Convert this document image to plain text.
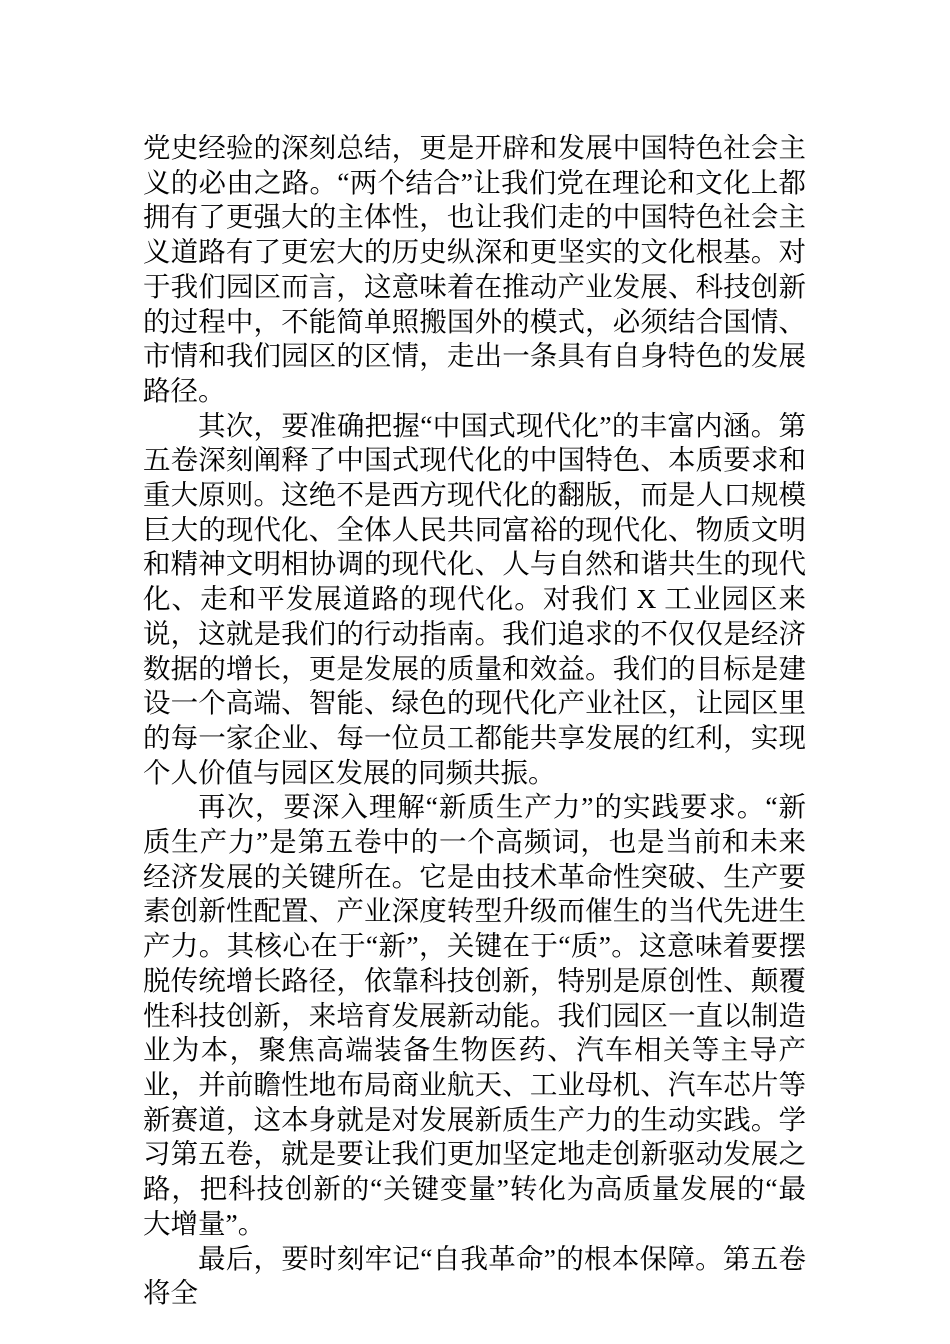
党史经验的深刻总结，更是开辟和发展中国特色社会主义的必由之路。“两个结合”让我们党在理论和文化上都拥有了更强大的主体性，也让我们走的中国特色社会主义道路有了更宏大的历史纵深和更坚实的文化根基。对于我们园区而言，这意味着在推动产业发展、科技创新的过程中，不能简单照搬国外的模式，必须结合国情、市情和我们园区的区情，走出一条具有自身特色的发展路径。

其次，要准确把握“中国式现代化”的丰富内涵。第五卷深刻阐释了中国式现代化的中国特色、本质要求和重大原则。这绝不是西方现代化的翻版，而是人口规模巨大的现代化、全体人民共同富裕的现代化、物质文明和精神文明相协调的现代化、人与自然和谐共生的现代化、走和平发展道路的现代化。对我们 X 工业园区来说，这就是我们的行动指南。我们追求的不仅仅是经济数据的增长，更是发展的质量和效益。我们的目标是建设一个高端、智能、绿色的现代化产业社区，让园区里的每一家企业、每一位员工都能共享发展的红利，实现个人价值与园区发展的同频共振。

再次，要深入理解“新质生产力”的实践要求。“新质生产力”是第五卷中的一个高频词，也是当前和未来经济发展的关键所在。它是由技术革命性突破、生产要素创新性配置、产业深度转型升级而催生的当代先进生产力。其核心在于“新”，关键在于“质”。这意味着要摆脱传统增长路径，依靠科技创新，特别是原创性、颠覆性科技创新，来培育发展新动能。我们园区一直以制造业为本，聚焦高端装备生物医药、汽车相关等主导产业，并前瞻性地布局商业航天、工业母机、汽车芯片等新赛道，这本身就是对发展新质生产力的生动实践。学习第五卷，就是要让我们更加坚定地走创新驱动发展之路，把科技创新的“关键变量”转化为高质量发展的“最大增量”。

最后，要时刻牢记“自我革命”的根本保障。第五卷将全
